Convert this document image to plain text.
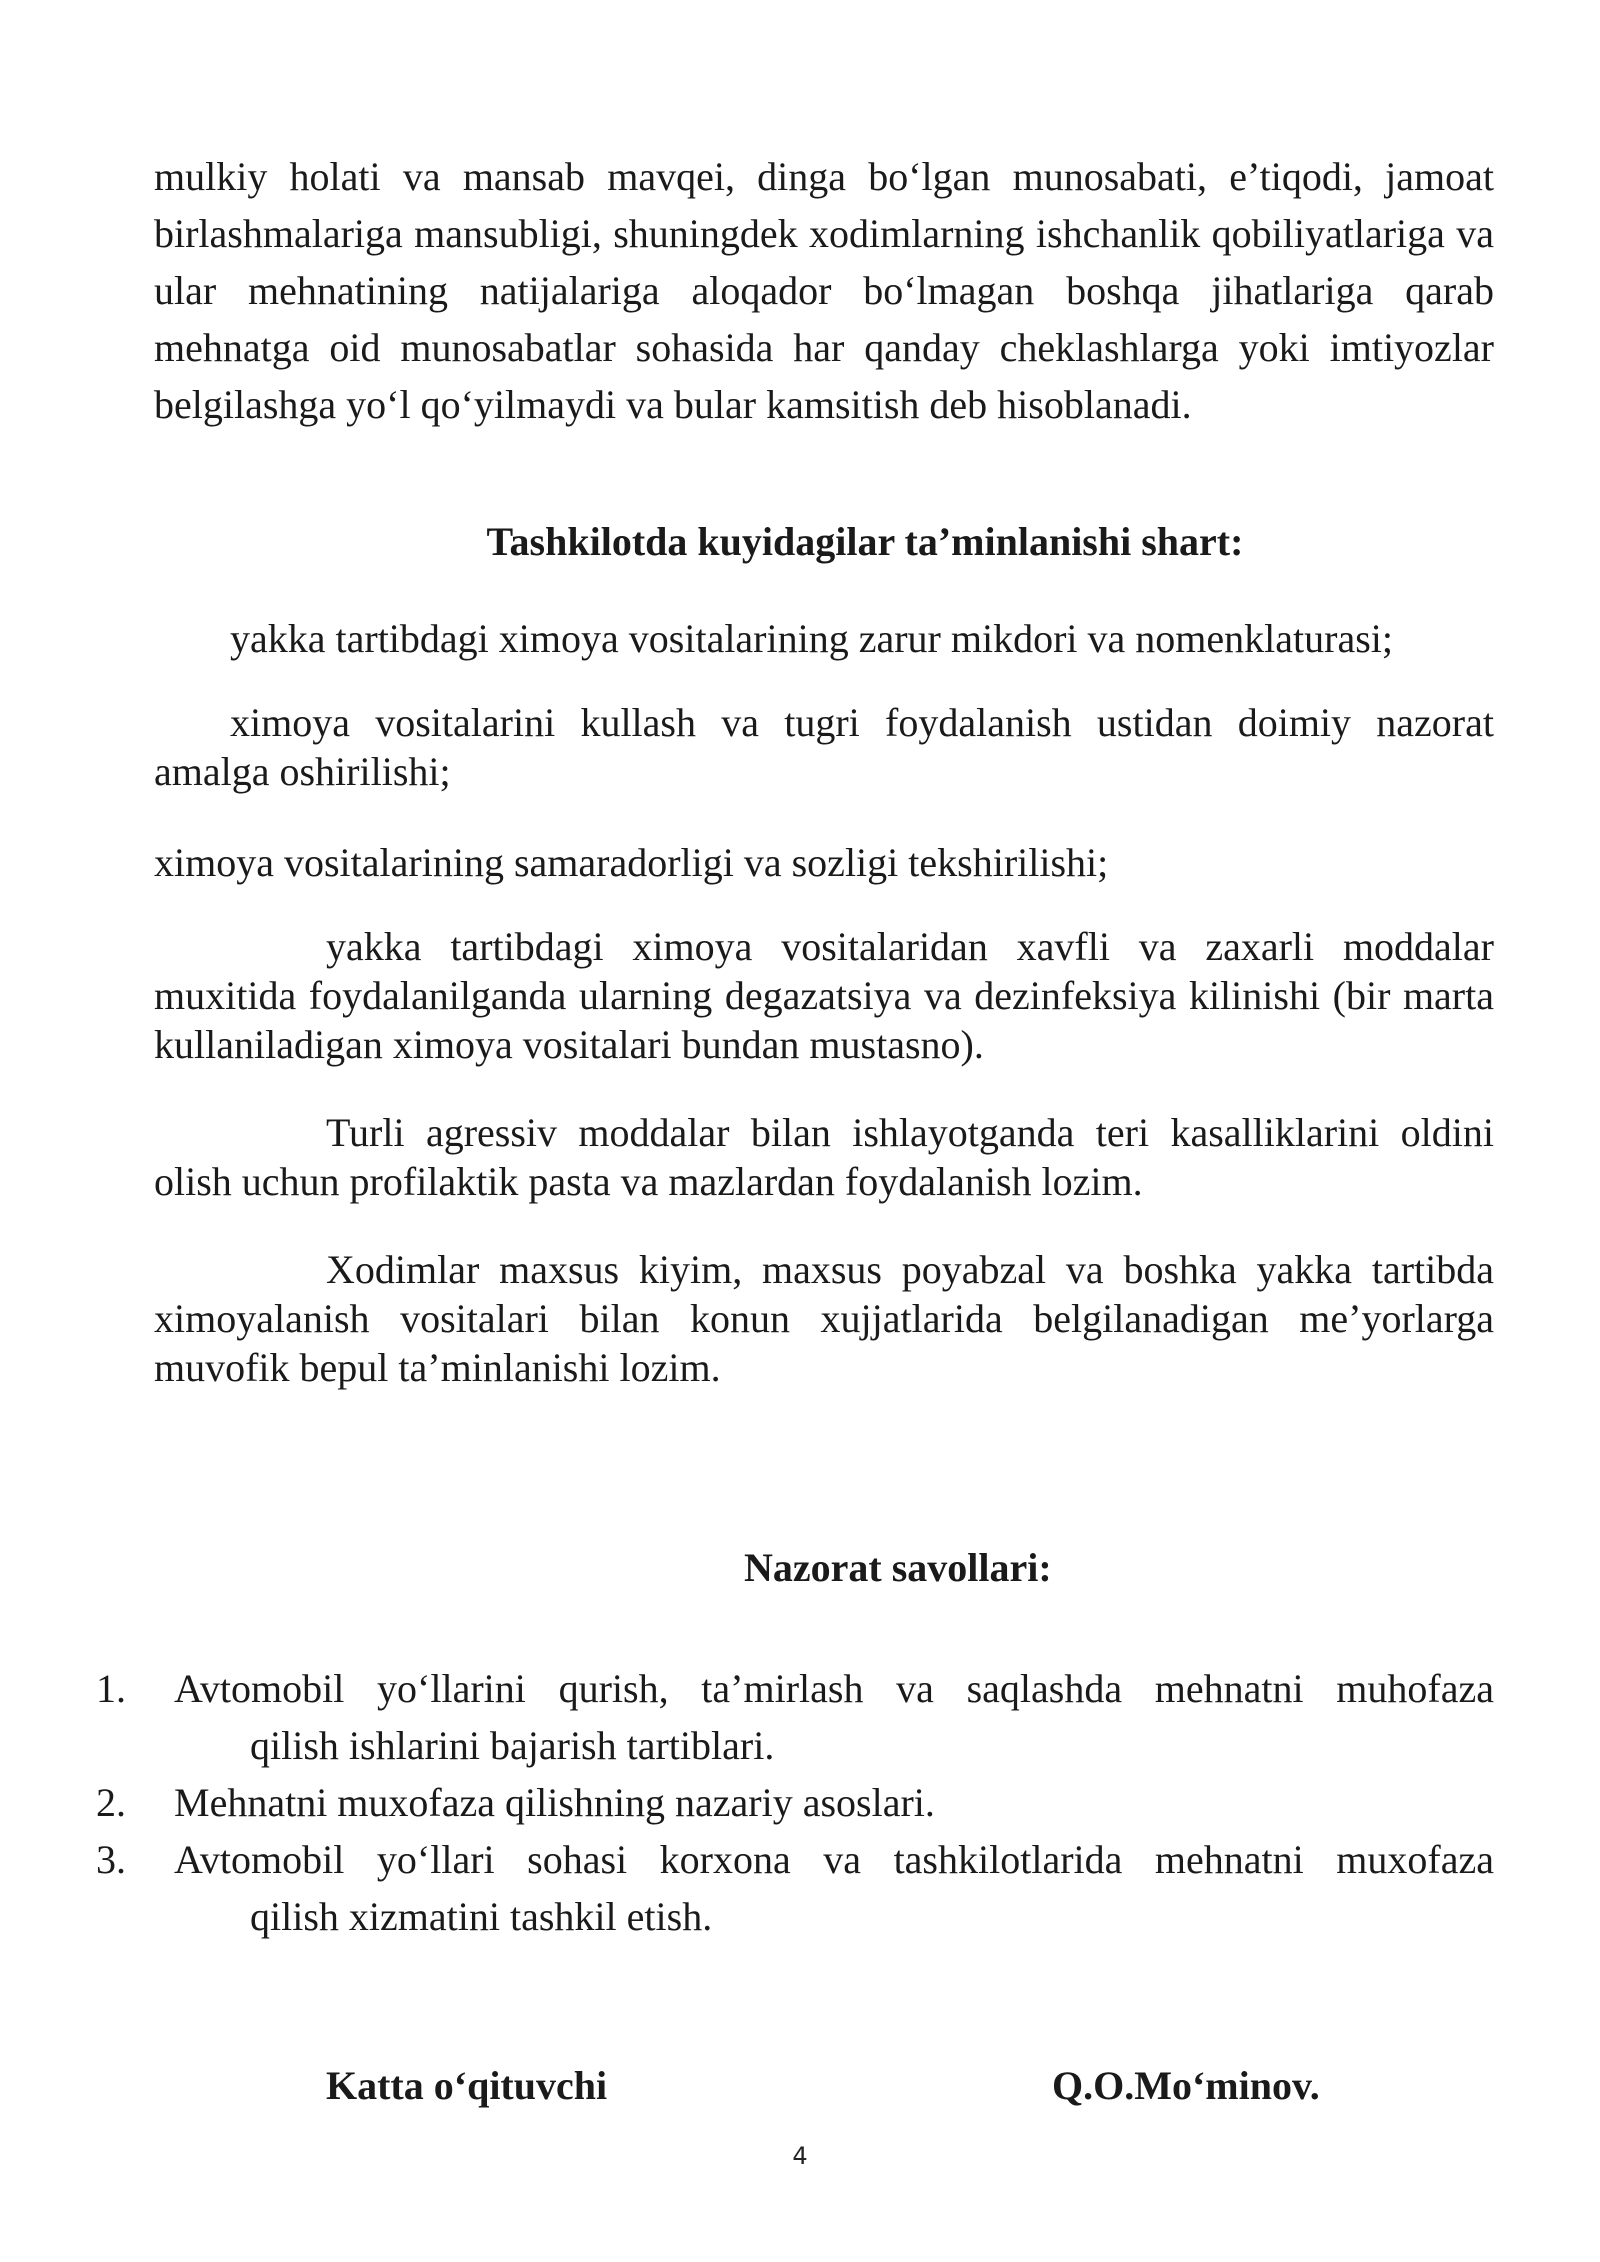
mulkiy holati va mansab mavqei, dinga bo‘lgan munosabati, e’tiqodi, jamoat birlashmalariga mansubligi, shuningdek xodimlarning ishchanlik qobiliyatlariga va ular mehnatining natijalariga aloqador bo‘lmagan boshqa jihatlariga qarab mehnatga oid munosabatlar sohasida har qanday cheklashlarga yoki imtiyozlar belgilashga yo‘l qo‘yilmaydi va bular kamsitish deb hisoblanadi.

Tashkilotda kuyidagilar ta’minlanishi shart:

yakka tartibdagi ximoya vositalarining zarur mikdori va nomenklaturasi;

ximoya vositalarini kullash va tugri foydalanish ustidan doimiy nazorat amalga oshirilishi;

ximoya vositalarining samaradorligi va sozligi tekshirilishi;

yakka tartibdagi ximoya vositalaridan xavfli va zaxarli moddalar muxitida foydalanilganda ularning degazatsiya va dezinfeksiya kilinishi (bir marta kullaniladigan ximoya vositalari bundan mustasno).

Turli agressiv moddalar bilan ishlayotganda teri kasalliklarini oldini olish uchun profilaktik pasta va mazlardan foydalanish lozim.

Xodimlar maxsus kiyim, maxsus poyabzal va boshka yakka tartibda ximoyalanish vositalari bilan konun xujjatlarida belgilanadigan me’yorlarga muvofik bepul ta’minlanishi lozim.

Nazorat savollari:
1. Avtomobil yo‘llarini qurish, ta’mirlash va saqlashda mehnatni muhofaza
qilish ishlarini bajarish tartiblari.
2. Mehnatni muxofaza qilishning nazariy asoslari.
3. Avtomobil yo‘llari sohasi korxona va tashkilotlarida mehnatni muxofaza
qilish xizmatini tashkil etish.

Katta o‘qituvchi	Q.O.Mo‘minov.

4
